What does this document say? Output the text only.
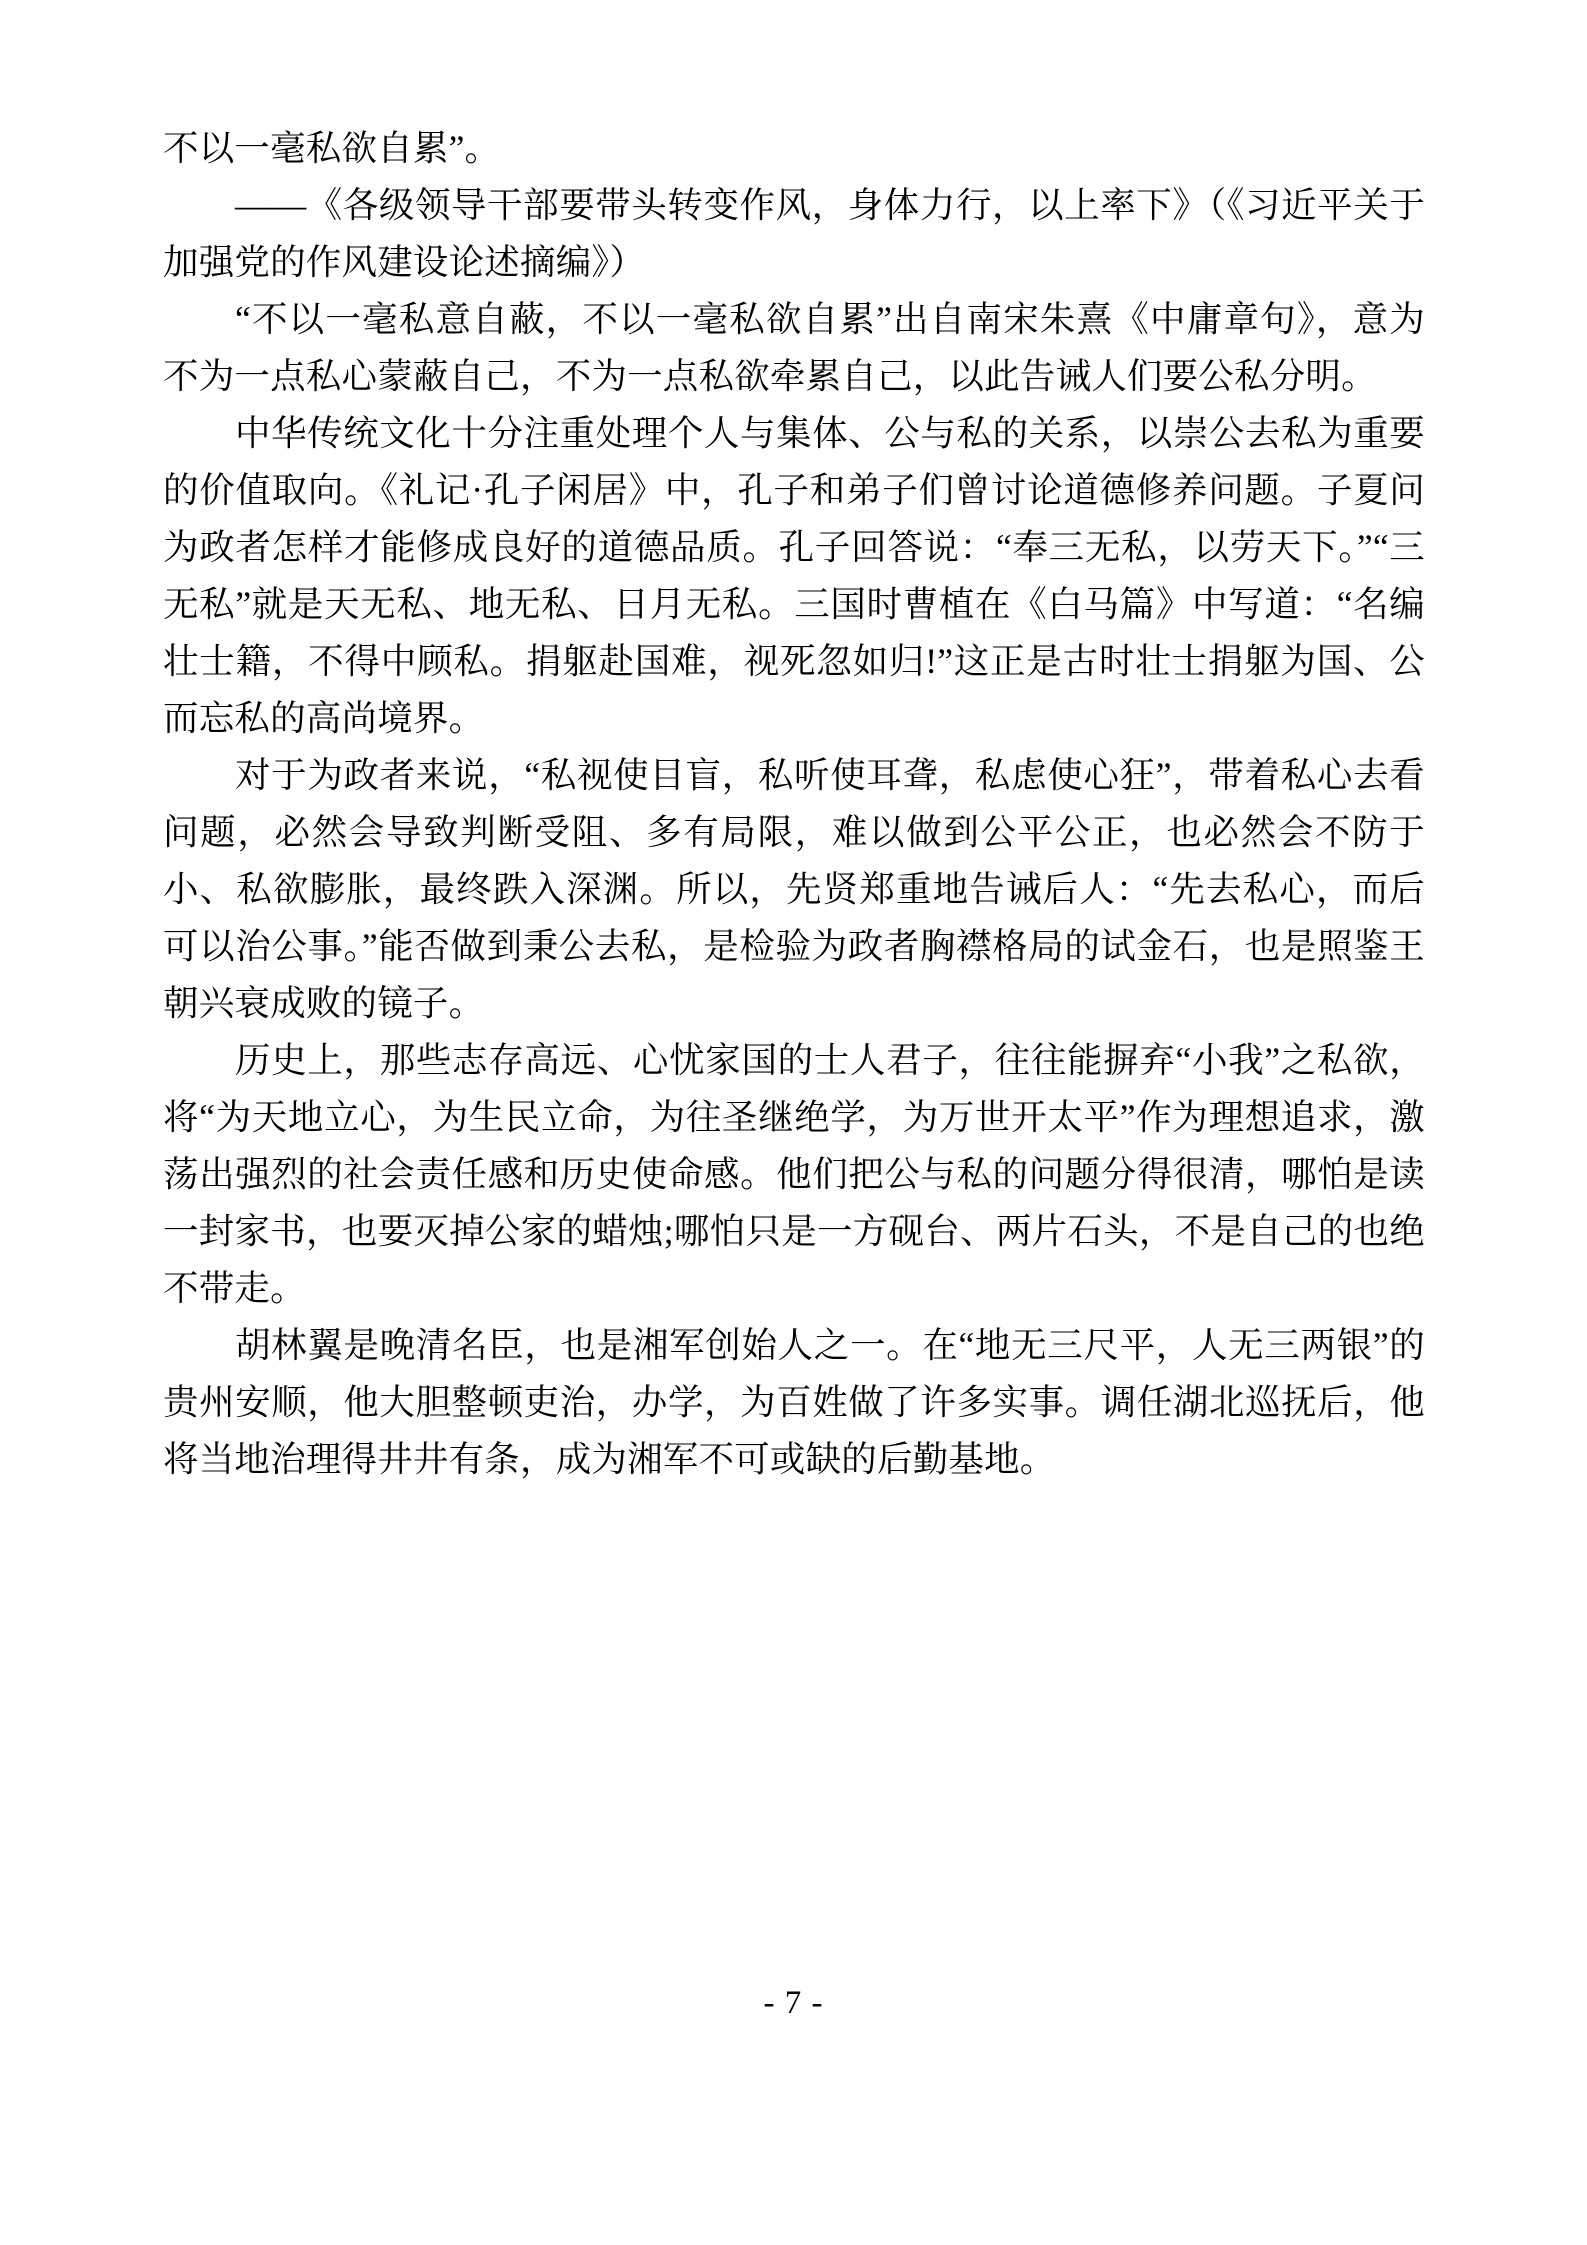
不以一毫私欲自累”。

——《各级领导干部要带头转变作风，身体力行，以上率下》（《习近平关于加强党的作风建设论述摘编》）

“不以一毫私意自蔽，不以一毫私欲自累”出自南宋朱熹《中庸章句》，意为不为一点私心蒙蔽自己，不为一点私欲牵累自己，以此告诫人们要公私分明。

中华传统文化十分注重处理个人与集体、公与私的关系，以崇公去私为重要的价值取向。《礼记·孔子闲居》中，孔子和弟子们曾讨论道德修养问题。子夏问为政者怎样才能修成良好的道德品质。孔子回答说：“奉三无私，以劳天下。”“三无私”就是天无私、地无私、日月无私。三国时曹植在《白马篇》中写道：“名编壮士籍，不得中顾私。捐躯赴国难，视死忽如归!”这正是古时壮士捐躯为国、公而忘私的高尚境界。

对于为政者来说，“私视使目盲，私听使耳聋，私虑使心狂”，带着私心去看问题，必然会导致判断受阻、多有局限，难以做到公平公正，也必然会不防于小、私欲膨胀，最终跌入深渊。所以，先贤郑重地告诫后人：“先去私心，而后可以治公事。”能否做到秉公去私，是检验为政者胸襟格局的试金石，也是照鉴王朝兴衰成败的镜子。

历史上，那些志存高远、心忧家国的士人君子，往往能摒弃“小我”之私欲，将“为天地立心，为生民立命，为往圣继绝学，为万世开太平”作为理想追求，激荡出强烈的社会责任感和历史使命感。他们把公与私的问题分得很清，哪怕是读一封家书，也要灭掉公家的蜡烛;哪怕只是一方砚台、两片石头，不是自己的也绝不带走。

胡林翼是晚清名臣，也是湘军创始人之一。在“地无三尺平，人无三两银”的贵州安顺，他大胆整顿吏治，办学，为百姓做了许多实事。调任湖北巡抚后，他将当地治理得井井有条，成为湘军不可或缺的后勤基地。

- 7 -
